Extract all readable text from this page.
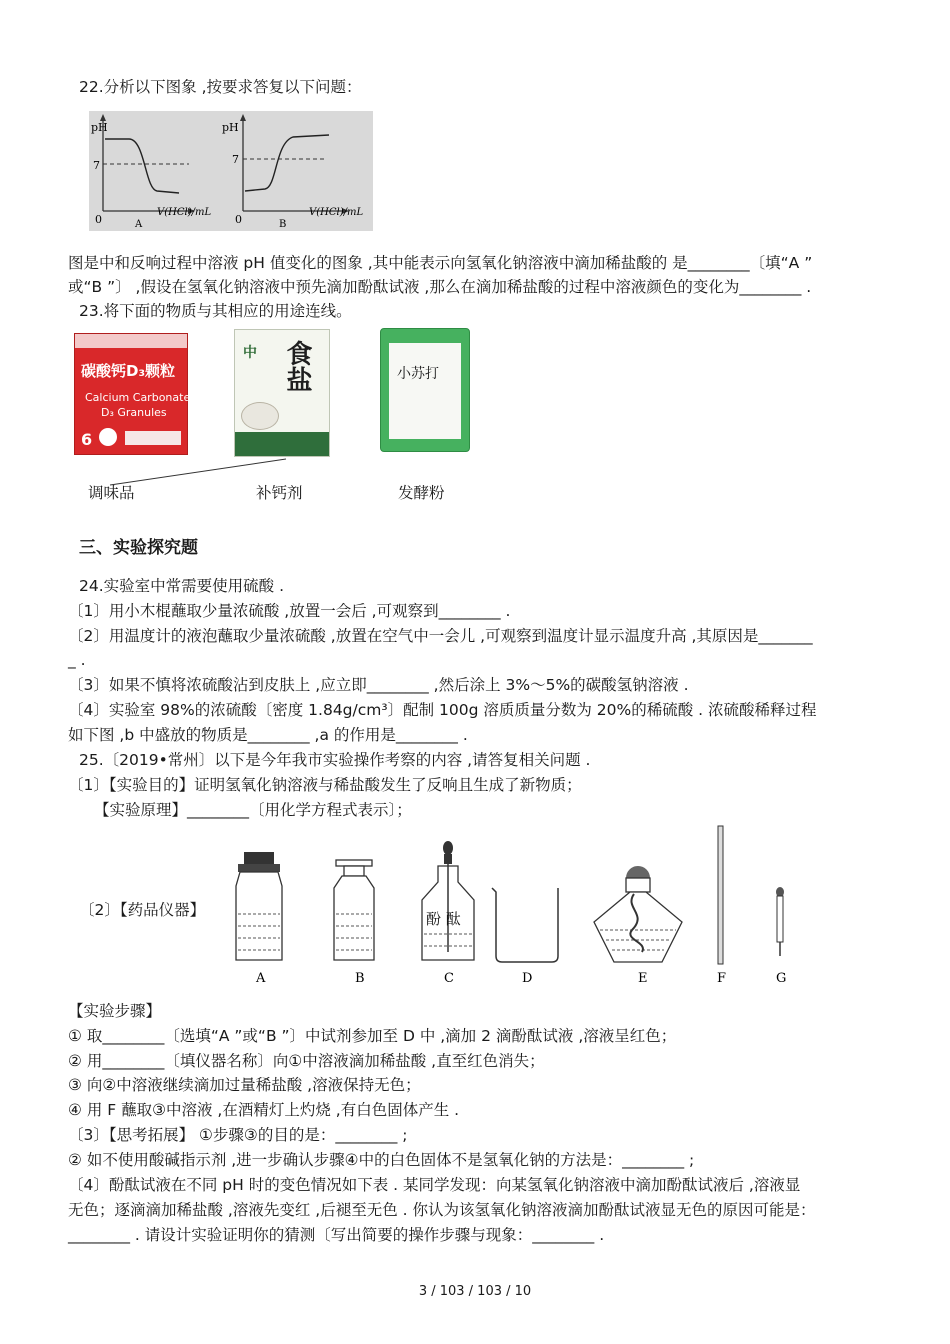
22.分析以下图象 ,按要求答复以下问题：
pH
7
0
V(HCl)/mL
A
pH
7
0
V(HCl)/mL
B
图是中和反响过程中溶液 pH 值变化的图象 ,其中能表示向氢氧化钠溶液中滴加稀盐酸的 是________〔填“A ”
或“B ”〕 ,假设在氢氧化钠溶液中预先滴加酚酞试液 ,那么在滴加稀盐酸的过程中溶液颜色的变化为________ .
23.将下面的物质与其相应的用途连线。
碳酸钙D₃颗粒
Calcium Carbonate
D₃ Granules
6
中 食盐	小苏打
调味品	补钙剂	发酵粉
三、实验探究题
24.实验室中常需要使用硫酸 .
〔1〕用小木棍蘸取少量浓硫酸 ,放置一会后 ,可观察到________ .
〔2〕用温度计的液泡蘸取少量浓硫酸 ,放置在空气中一会儿 ,可观察到温度计显示温度升高 ,其原因是_______
_ .
〔3〕如果不慎将浓硫酸沾到皮肤上 ,应立即________ ,然后涂上 3%～5%的碳酸氢钠溶液 .
〔4〕实验室 98%的浓硫酸〔密度 1.84g/cm³〕配制 100g 溶质质量分数为 20%的稀硫酸 . 浓硫酸稀释过程
如下图 ,b 中盛放的物质是________ ,a 的作用是________ .
25.〔2019•常州〕以下是今年我市实验操作考察的内容 ,请答复相关问题 .
〔1〕【实验目的】证明氢氧化钠溶液与稀盐酸发生了反响且生成了新物质；
【实验原理】________〔用化学方程式表示〕；
〔2〕【药品仪器】	酚 酞
A	B	C	D	E	F	G
【实验步骤】
① 取________〔选填“A ”或“B ”〕中试剂参加至 D 中 ,滴加 2 滴酚酞试液 ,溶液呈红色；
② 用________〔填仪器名称〕向①中溶液滴加稀盐酸 ,直至红色消失；
③ 向②中溶液继续滴加过量稀盐酸 ,溶液保持无色；
④ 用 F 蘸取③中溶液 ,在酒精灯上灼烧 ,有白色固体产生 .
〔3〕【思考拓展】 ①步骤③的目的是：________ ;
② 如不使用酸碱指示剂 ,进一步确认步骤④中的白色固体不是氢氧化钠的方法是：________ ;
〔4〕酚酞试液在不同 pH 时的变色情况如下表 . 某同学发现：向某氢氧化钠溶液中滴加酚酞试液后 ,溶液显
无色；逐滴滴加稀盐酸 ,溶液先变红 ,后褪至无色 . 你认为该氢氧化钠溶液滴加酚酞试液显无色的原因可能是：
________ . 请设计实验证明你的猜测〔写出简要的操作步骤与现象：________ .
3 / 103 / 103 / 10
